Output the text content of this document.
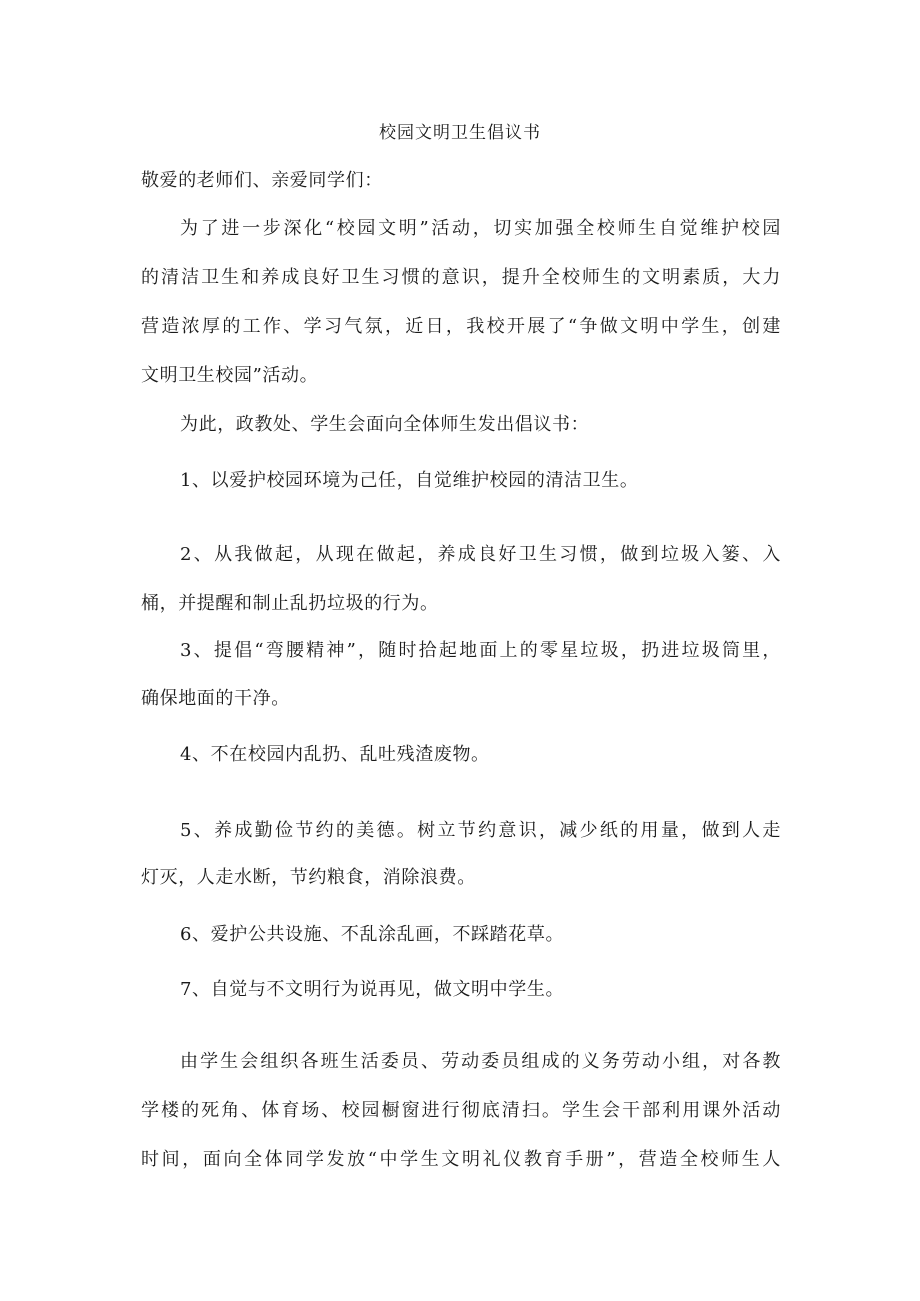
校园文明卫生倡议书
敬爱的老师们、亲爱同学们：
为了进一步深化“校园文明”活动，切实加强全校师生自觉维护校园
的清洁卫生和养成良好卫生习惯的意识，提升全校师生的文明素质，大力
营造浓厚的工作、学习气氛，近日，我校开展了“争做文明中学生，创建
文明卫生校园”活动。
为此，政教处、学生会面向全体师生发出倡议书：
1、以爱护校园环境为己任，自觉维护校园的清洁卫生。
2、从我做起，从现在做起，养成良好卫生习惯，做到垃圾入篓、入
桶，并提醒和制止乱扔垃圾的行为。
3、提倡“弯腰精神”，随时拾起地面上的零星垃圾，扔进垃圾筒里，
确保地面的干净。
4、不在校园内乱扔、乱吐残渣废物。
5、养成勤俭节约的美德。树立节约意识，减少纸的用量，做到人走
灯灭，人走水断，节约粮食，消除浪费。
6、爱护公共设施、不乱涂乱画，不踩踏花草。
7、自觉与不文明行为说再见，做文明中学生。
由学生会组织各班生活委员、劳动委员组成的义务劳动小组，对各教
学楼的死角、体育场、校园橱窗进行彻底清扫。学生会干部利用课外活动
时间，面向全体同学发放“中学生文明礼仪教育手册”，营造全校师生人
